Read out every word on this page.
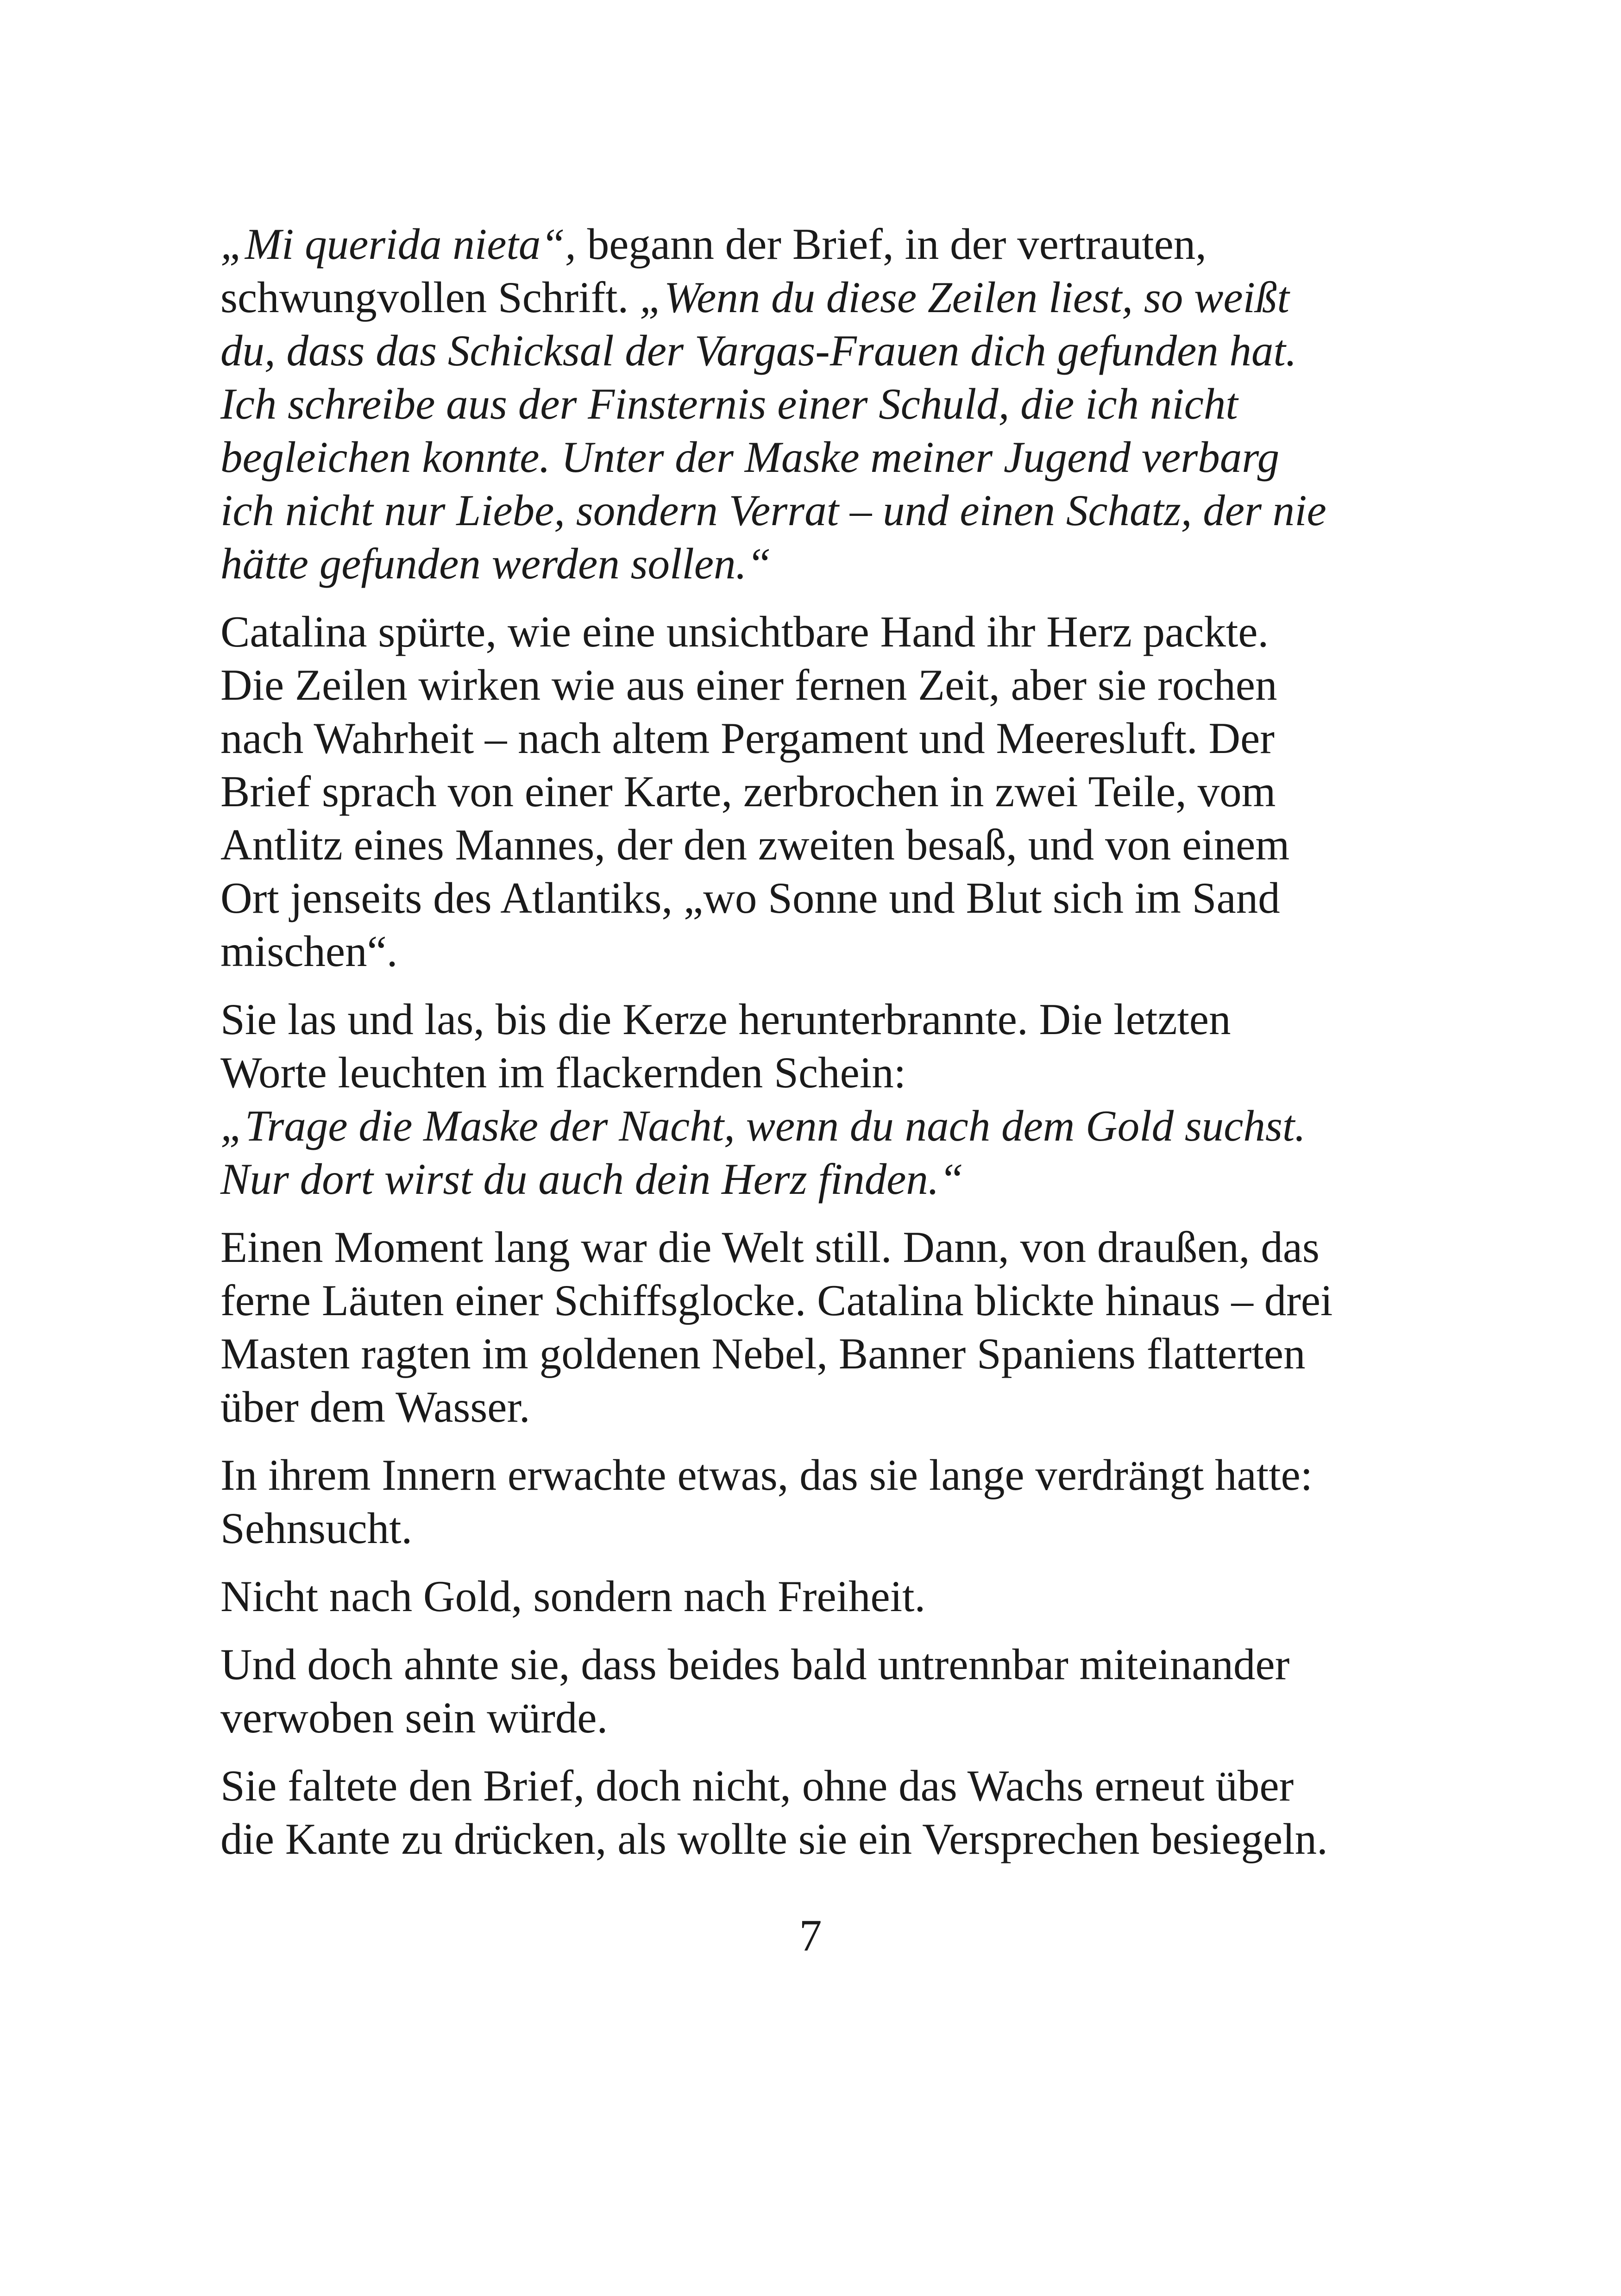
„Mi querida nieta“, begann der Brief, in der vertrauten,
schwungvollen Schrift. „Wenn du diese Zeilen liest, so weißt
du, dass das Schicksal der Vargas-Frauen dich gefunden hat.
Ich schreibe aus der Finsternis einer Schuld, die ich nicht
begleichen konnte. Unter der Maske meiner Jugend verbarg
ich nicht nur Liebe, sondern Verrat – und einen Schatz, der nie
hätte gefunden werden sollen.“

Catalina spürte, wie eine unsichtbare Hand ihr Herz packte.
Die Zeilen wirken wie aus einer fernen Zeit, aber sie rochen
nach Wahrheit – nach altem Pergament und Meeresluft. Der
Brief sprach von einer Karte, zerbrochen in zwei Teile, vom
Antlitz eines Mannes, der den zweiten besaß, und von einem
Ort jenseits des Atlantiks, „wo Sonne und Blut sich im Sand
mischen“.

Sie las und las, bis die Kerze herunterbrannte. Die letzten
Worte leuchten im flackernden Schein:
„Trage die Maske der Nacht, wenn du nach dem Gold suchst.
Nur dort wirst du auch dein Herz finden.“

Einen Moment lang war die Welt still. Dann, von draußen, das
ferne Läuten einer Schiffsglocke. Catalina blickte hinaus – drei
Masten ragten im goldenen Nebel, Banner Spaniens flatterten
über dem Wasser.

In ihrem Innern erwachte etwas, das sie lange verdrängt hatte:
Sehnsucht.

Nicht nach Gold, sondern nach Freiheit.

Und doch ahnte sie, dass beides bald untrennbar miteinander
verwoben sein würde.

Sie faltete den Brief, doch nicht, ohne das Wachs erneut über
die Kante zu drücken, als wollte sie ein Versprechen besiegeln.

7
